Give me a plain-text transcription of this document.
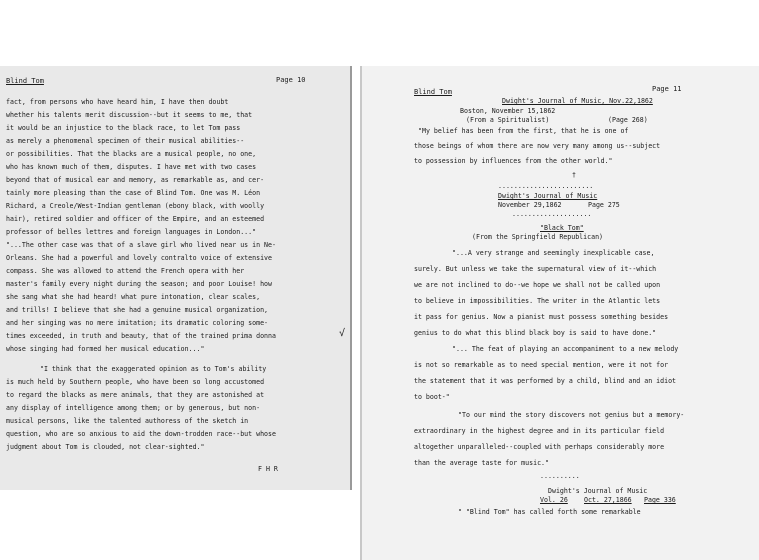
Blind Tom	Page 10
fact, from persons who have heard him, I have then doubt
whether his talents merit discussion--but it seems to me, that
it would be an injustice to the black race, to let Tom pass
as merely a phenomenal specimen of their musical abilities--
or possibilities. That the blacks are a musical people, no one,
who has known much of them, disputes. I have met with two cases
beyond that of musical ear and memory, as remarkable as, and cer-
tainly more pleasing than the case of Blind Tom. One was M. Léon
Richard, a Creole/West-Indian gentleman (ebony black, with woolly
hair), retired soldier and officer of the Empire, and an esteemed
professor of belles lettres and foreign languages in London..."
"...The other case was that of a slave girl who lived near us in Ne-
Orleans. She had a powerful and lovely contralto voice of extensive
compass. She was allowed to attend the French opera with her
master's family every night during the season; and poor Louise! how
she sang what she had heard! what pure intonation, clear scales,
and trills! I believe that she had a genuine musical organization,
and her singing was no mere imitation; its dramatic coloring some-
times exceeded, in truth and beauty, that of the trained prima donna
whose singing had formed her musical education..."
"I think that the exaggerated opinion as to Tom's ability
is much held by Southern people, who have been so long accustomed
to regard the blacks as mere animals, that they are astonished at
any display of intelligence among them; or by generous, but non-
musical persons, like the talented authoress of the sketch in
question, who are so anxious to aid the down-trodden race--but whose
judgment about Tom is clouded, not clear-sighted."
√
F H R
Blind Tom	Page 11
Dwight's Journal of Music, Nov.22,1862
Boston, November 15,1862
(From a Spiritualist)	(Page 268)
"My belief has been from the first, that he is one of
those beings of whom there are now very many among us--subject
to possession by influences from the other world."
†
........................
Dwight's Journal of Music
November 29,1862	Page 275
....................
"Black Tom"
(From the Springfield Republican)
"...A very strange and seemingly inexplicable case,
surely. But unless we take the supernatural view of it--which
we are not inclined to do--we hope we shall not be called upon
to believe in impossibilities. The writer in the Atlantic lets
it pass for genius. Now a pianist must possess something besides
genius to do what this blind black boy is said to have done."
"... The feat of playing an accompaniment to a new melody
is not so remarkable as to need special mention, were it not for
the statement that it was performed by a child, blind and an idiot
to boot-"
"To our mind the story discovers not genius but a memory-
extraordinary in the highest degree and in its particular field
altogether unparalleled--coupled with perhaps considerably more
than the average taste for music."
..........
Dwight's Journal of Music
Vol. 26 Oct. 27,1866 Page 336
" "Blind Tom" has called forth some remarkable
